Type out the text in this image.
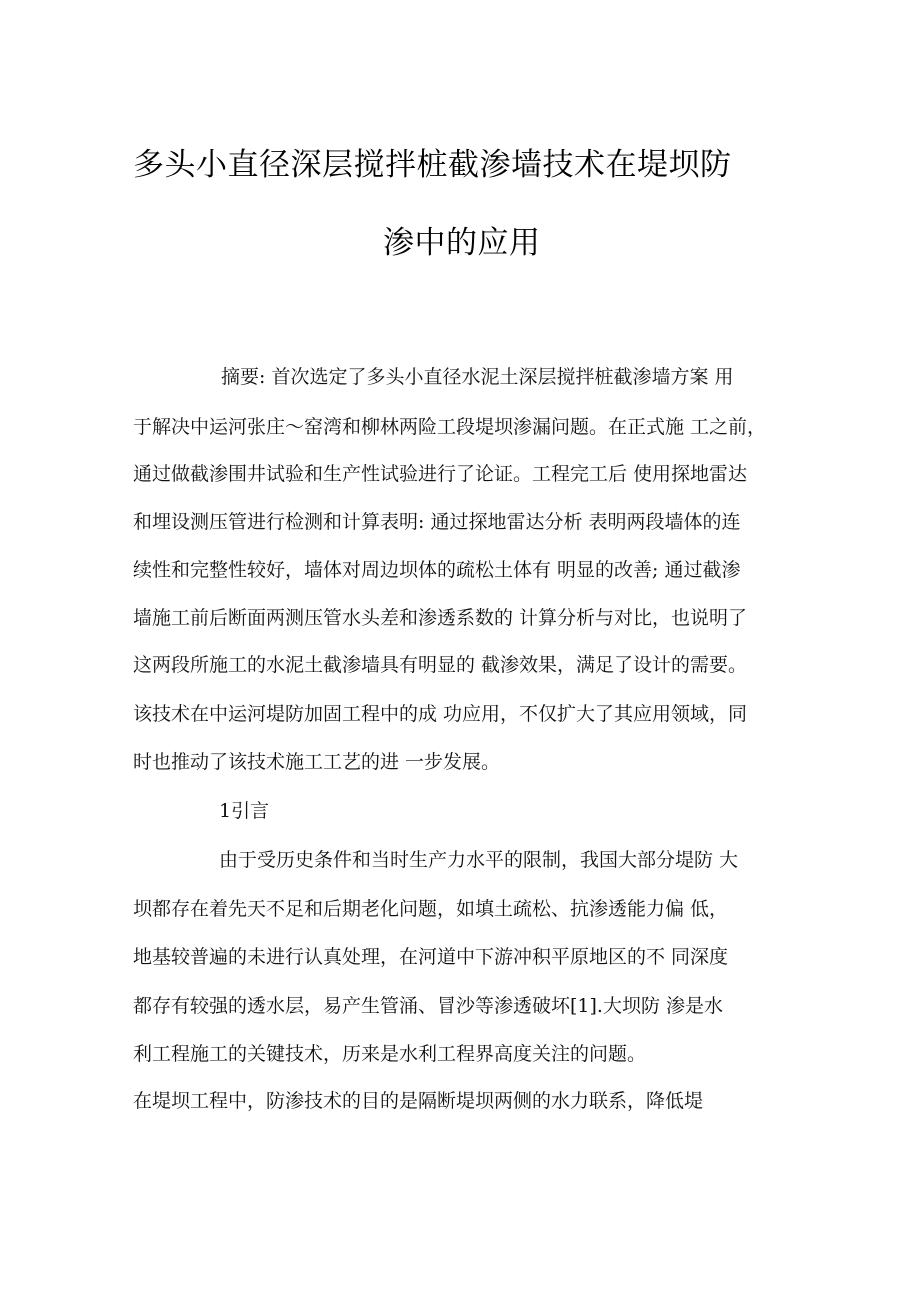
多头小直径深层搅拌桩截渗墙技术在堤坝防
渗中的应用
摘要: 首次选定了多头小直径水泥土深层搅拌桩截渗墙方案 用
于解决中运河张庄～窑湾和柳林两险工段堤坝渗漏问题。在正式施 工之前，
通过做截渗围井试验和生产性试验进行了论证。工程完工后 使用探地雷达
和埋设测压管进行检测和计算表明: 通过探地雷达分析 表明两段墙体的连
续性和完整性较好，墙体对周边坝体的疏松土体有 明显的改善; 通过截渗
墙施工前后断面两测压管水头差和渗透系数的 计算分析与对比，也说明了
这两段所施工的水泥土截渗墙具有明显的 截渗效果，满足了设计的需要。
该技术在中运河堤防加固工程中的成 功应用，不仅扩大了其应用领域，同
时也推动了该技术施工工艺的进 一步发展。
1引言
由于受历史条件和当时生产力水平的限制，我国大部分堤防 大
坝都存在着先天不足和后期老化问题，如填土疏松、抗渗透能力偏 低，
地基较普遍的未进行认真处理，在河道中下游冲积平原地区的不 同深度
都存有较强的透水层，易产生管涌、冒沙等渗透破坏[1].大坝防 渗是水
利工程施工的关键技术，历来是水利工程界高度关注的问题。
在堤坝工程中，防渗技术的目的是隔断堤坝两侧的水力联系，降低堤
